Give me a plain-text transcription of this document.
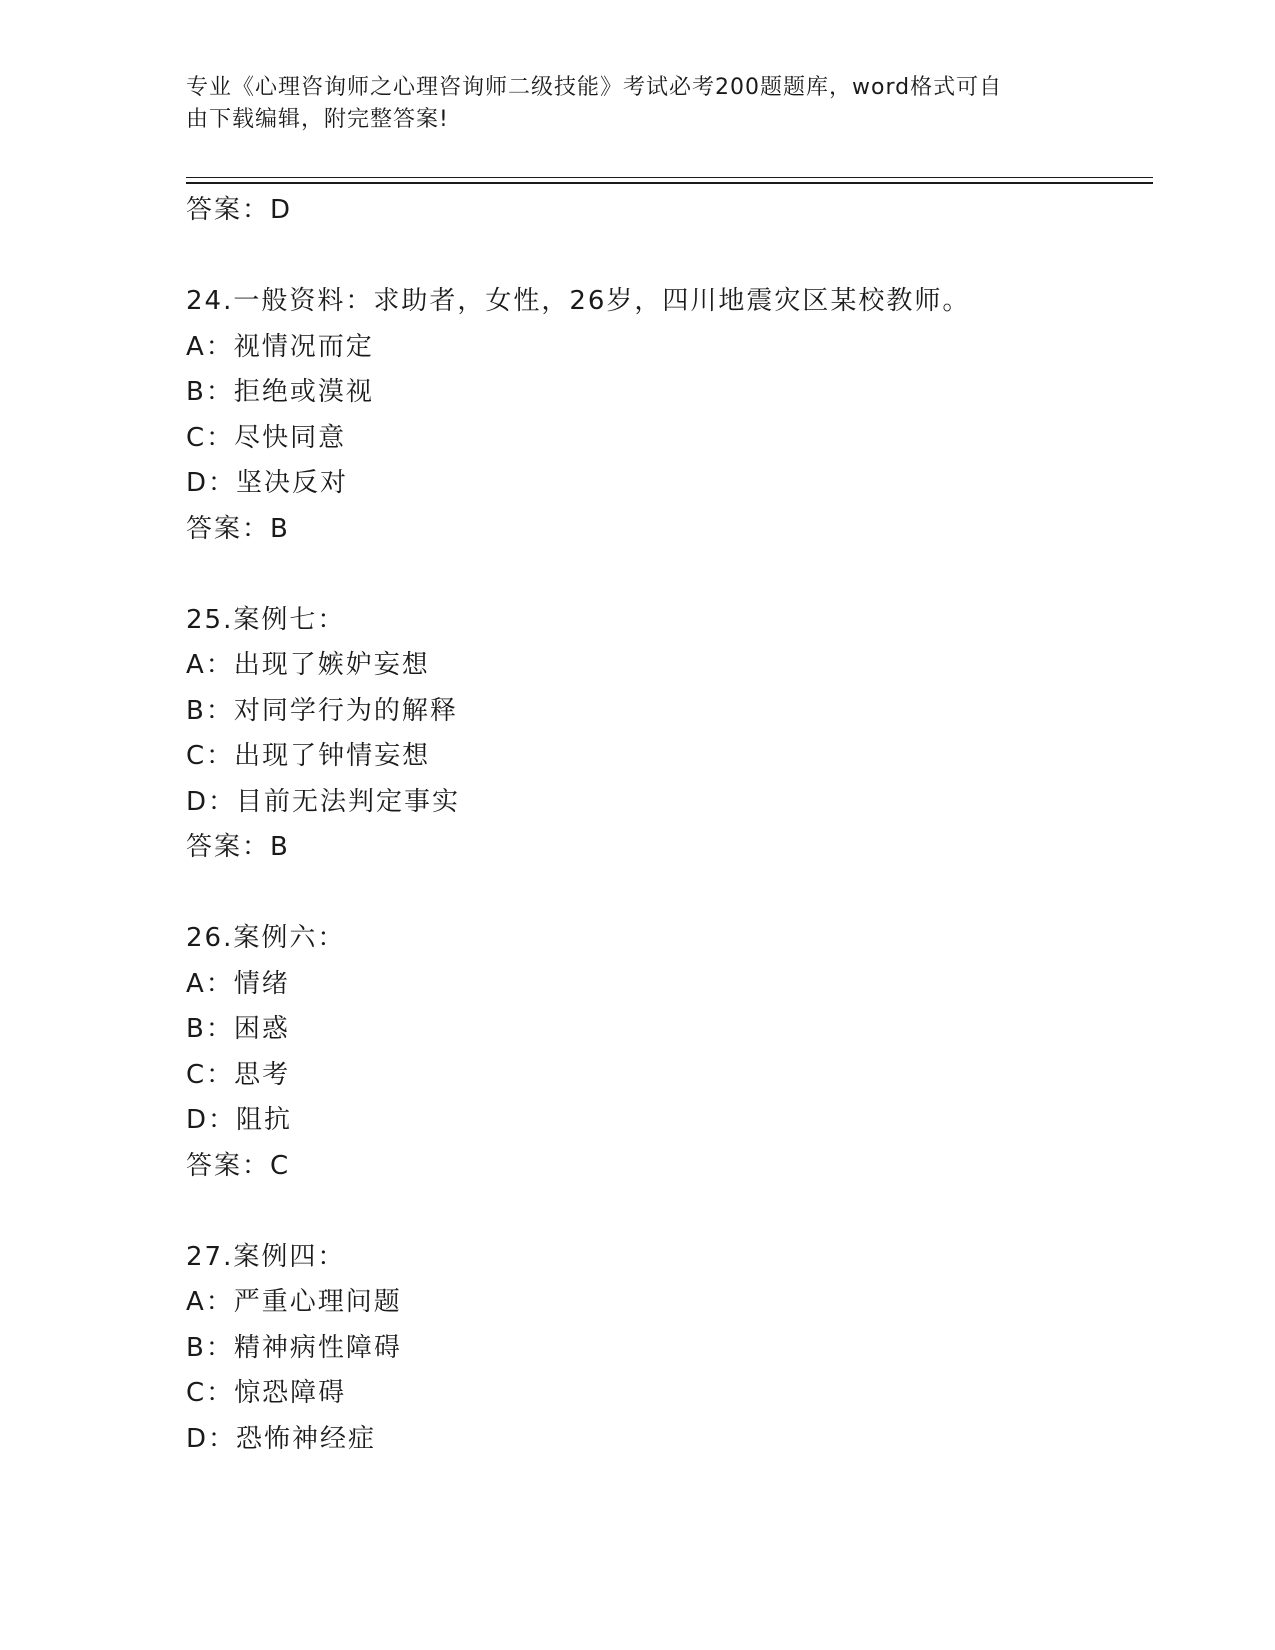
专业《心理咨询师之心理咨询师二级技能》考试必考200题题库，word格式可自
由下载编辑，附完整答案!
答案：D
24.一般资料：求助者，女性，26岁，四川地震灾区某校教师。
A：视情况而定
B：拒绝或漠视
C：尽快同意
D：坚决反对
答案：B
25.案例七：
A：出现了嫉妒妄想
B：对同学行为的解释
C：出现了钟情妄想
D：目前无法判定事实
答案：B
26.案例六：
A：情绪
B：困惑
C：思考
D：阻抗
答案：C
27.案例四：
A：严重心理问题
B：精神病性障碍
C：惊恐障碍
D：恐怖神经症
